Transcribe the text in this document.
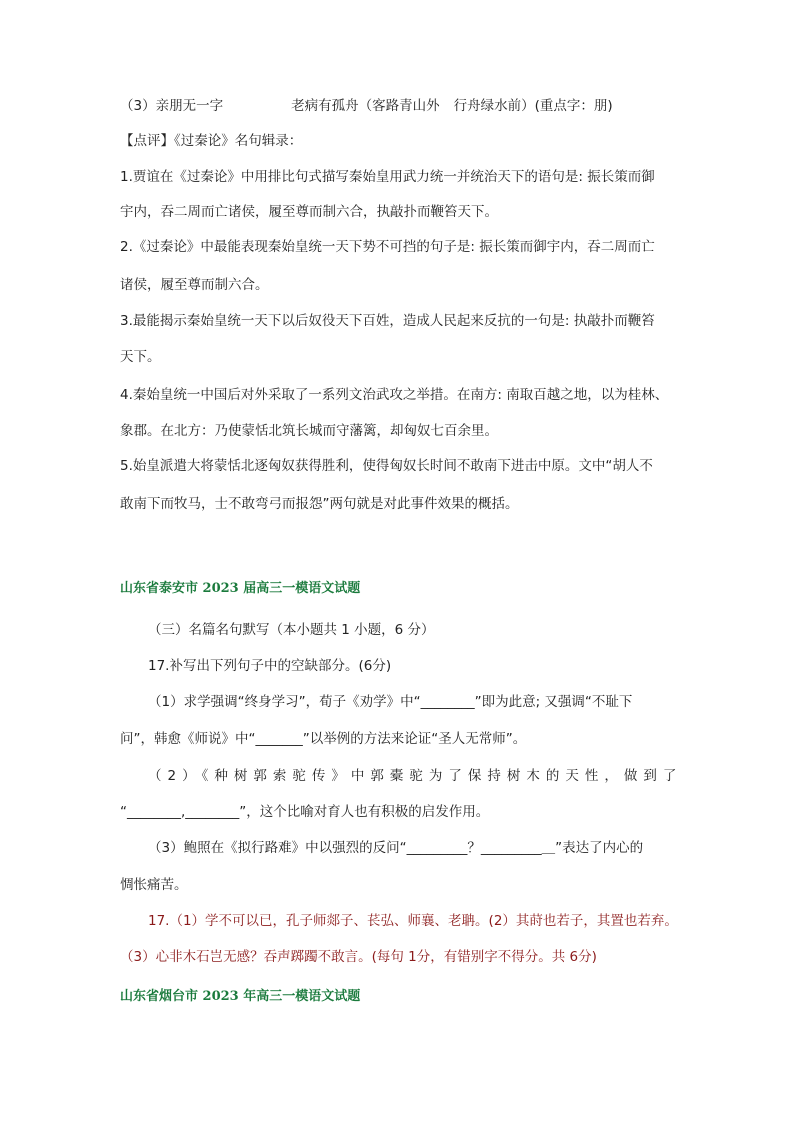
（3）亲朋无一字	老病有孤舟（客路青山外 行舟绿水前）(重点字：朋)
【点评】《过秦论》名句辑录：
1.贾谊在《过秦论》中用排比句式描写秦始皇用武力统一并统治天下的语句是: 振长策而御
宇内，吞二周而亡诸侯，履至尊而制六合，执敲扑而鞭笞天下。
2.《过秦论》中最能表现秦始皇统一天下势不可挡的句子是: 振长策而御宇内，吞二周而亡
诸侯，履至尊而制六合。
3.最能揭示秦始皇统一天下以后奴役天下百姓，造成人民起来反抗的一句是: 执敲扑而鞭笞
天下。
4.秦始皇统一中国后对外采取了一系列文治武攻之举措。在南方: 南取百越之地，以为桂林、
象郡。在北方：乃使蒙恬北筑长城而守藩篱，却匈奴七百余里。
5.始皇派遣大将蒙恬北逐匈奴获得胜利，使得匈奴长时间不敢南下进击中原。文中“胡人不
敢南下而牧马，士不敢弯弓而报怨”两句就是对此事件效果的概括。
山东省泰安市 2023 届高三一模语文试题
（三）名篇名句默写（本小题共 1 小题，6 分）
17.补写出下列句子中的空缺部分。(6分)
（1）求学强调“终身学习”，荀子《劝学》中“________”即为此意; 又强调“不耻下
问”，韩愈《师说》中“_______”以举例的方法来论证“圣人无常师”。
（2）《种树郭索驼传》中郭橐驼为了保持树木的天性，做到了
“________,________”，这个比喻对育人也有积极的启发作用。
（3）鲍照在《拟行路难》中以强烈的反问“_________？_________＿”表达了内心的
惆怅痛苦。
17.（1）学不可以已，孔子师郯子、苌弘、师襄、老聃。(2）其莳也若子，其置也若弃。
（3）心非木石岂无感？吞声踯躅不敢言。(每句 1分，有错别字不得分。共 6分)
山东省烟台市 2023 年高三一模语文试题
